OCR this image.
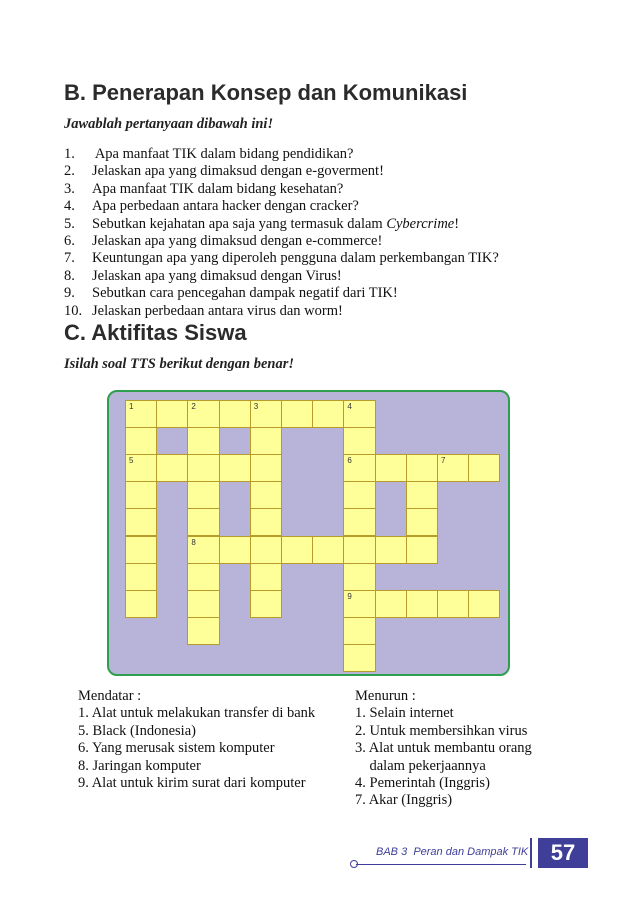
B. Penerapan Konsep dan Komunikasi
Jawablah pertanyaan dibawah ini!
1. Apa manfaat TIK dalam bidang pendidikan?
2. Jelaskan apa yang dimaksud dengan e-goverment!
3. Apa manfaat TIK dalam bidang kesehatan?
4. Apa perbedaan antara hacker dengan cracker?
5. Sebutkan kejahatan apa saja yang termasuk dalam Cybercrime!
6. Jelaskan apa yang dimaksud dengan e-commerce!
7. Keuntungan apa yang diperoleh pengguna dalam perkembangan TIK?
8. Jelaskan apa yang dimaksud dengan Virus!
9. Sebutkan cara pencegahan dampak negatif dari TIK!
10. Jelaskan perbedaan antara virus dan worm!
C. Aktifitas Siswa
Isilah soal TTS berikut dengan benar!
1	2	3	4
5	6	7
8
9
Mendatar :
1. Alat untuk melakukan transfer di bank
5. Black (Indonesia)
6. Yang merusak sistem komputer
8. Jaringan komputer
9. Alat untuk kirim surat dari komputer
Menurun :
1. Selain internet
2. Untuk membersihkan virus
3. Alat untuk membantu orang
dalam pekerjaannya
4. Pemerintah (Inggris)
7. Akar (Inggris)
BAB 3 Peran dan Dampak TIK	57
